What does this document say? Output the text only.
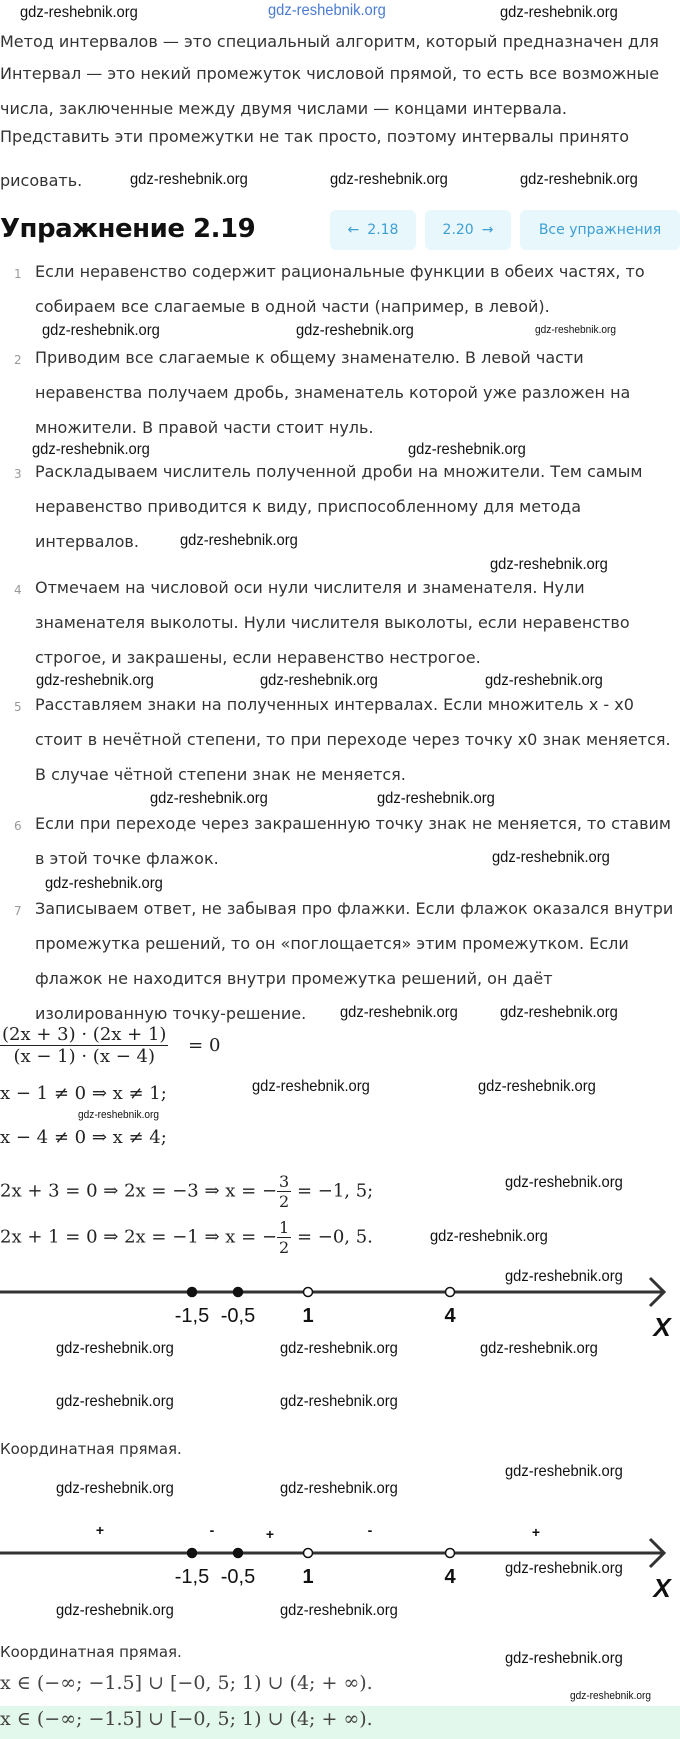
gdz-reshebnik.org
gdz-reshebnik.org	gdz-reshebnik.org
Метод интервалов — это специальный алгоритм, который предназначен для
Интервал — это некий промежуток числовой прямой, то есть все возможные
числа, заключенные между двумя числами — концами интервала.
Представить эти промежутки не так просто, поэтому интервалы принято
рисовать.	gdz-reshebnik.org	gdz-reshebnik.org	gdz-reshebnik.org
Упражнение 2.19	← 2.18	2.20 →	Все упражнения
1 Если неравенство содержит рациональные функции в обеих частях, то
собираем все слагаемые в одной части (например, в левой).
2 Приводим все слагаемые к общему знаменателю. В левой части
неравенства получаем дробь, знаменатель которой уже разложен на
множители. В правой части стоит нуль.
3 Раскладываем числитель полученной дроби на множители. Тем самым
неравенство приводится к виду, приспособленному для метода
интервалов.
4 Отмечаем на числовой оси нули числителя и знаменателя. Нули
знаменателя выколоты. Нули числителя выколоты, если неравенство
строгое, и закрашены, если неравенство нестрогое.
5 Расставляем знаки на полученных интервалах. Если множитель x - x0
стоит в нечётной степени, то при переходе через точку x0 знак меняется.
В случае чётной степени знак не меняется.
6 Если при переходе через закрашенную точку знак не меняется, то ставим
в этой точке флажок.
7 Записываем ответ, не забывая про флажки. Если флажок оказался внутри
промежутка решений, то он «поглощается» этим промежутком. Если
флажок не находится внутри промежутка решений, он даёт
изолированную точку-решение.
gdz-reshebnik.org	gdz-reshebnik.org	gdz-reshebnik.org
gdz-reshebnik.org	gdz-reshebnik.org
gdz-reshebnik.org
gdz-reshebnik.org
gdz-reshebnik.org	gdz-reshebnik.org	gdz-reshebnik.org
gdz-reshebnik.org	gdz-reshebnik.org
gdz-reshebnik.org
gdz-reshebnik.org
gdz-reshebnik.org	gdz-reshebnik.org
$\frac{(2x + 3) \cdot (2x + 1)}{(x - 1) \cdot (x - 4)} = 0$
x − 1 ≠ 0 ⇒ x ≠ 1;
x − 4 ≠ 0 ⇒ x ≠ 4;
2x + 3 = 0 ⇒ 2x = −3 ⇒ x = − $\frac{3}{2} = -1$, 5;
2x + 1 = 0 ⇒ 2x = −1 ⇒ x = − $\frac{1}{2} = -0$, 5.
gdz-reshebnik.org	gdz-reshebnik.org
gdz-reshebnik.org
gdz-reshebnik.org
gdz-reshebnik.org
-1,5 -0,5 1	4	X
gdz-reshebnik.org	gdz-reshebnik.org
gdz-reshebnik.org
gdz-reshebnik.org	gdz-reshebnik.org
gdz-reshebnik.org
Координатная прямая.
-1,5 -0,5 1	4	X
+	-	+	-	+
gdz-reshebnik.org	gdz-reshebnik.org
gdz-reshebnik.org
gdz-reshebnik.org
gdz-reshebnik.org	gdz-reshebnik.org
Координатная прямая.	gdz-reshebnik.org
x ∈ (−∞; −1.5] ∪ [−0, 5; 1) ∪ (4; + ∞).
gdz-reshebnik.org
x ∈ (−∞; −1.5] ∪ [−0, 5; 1) ∪ (4; + ∞).
